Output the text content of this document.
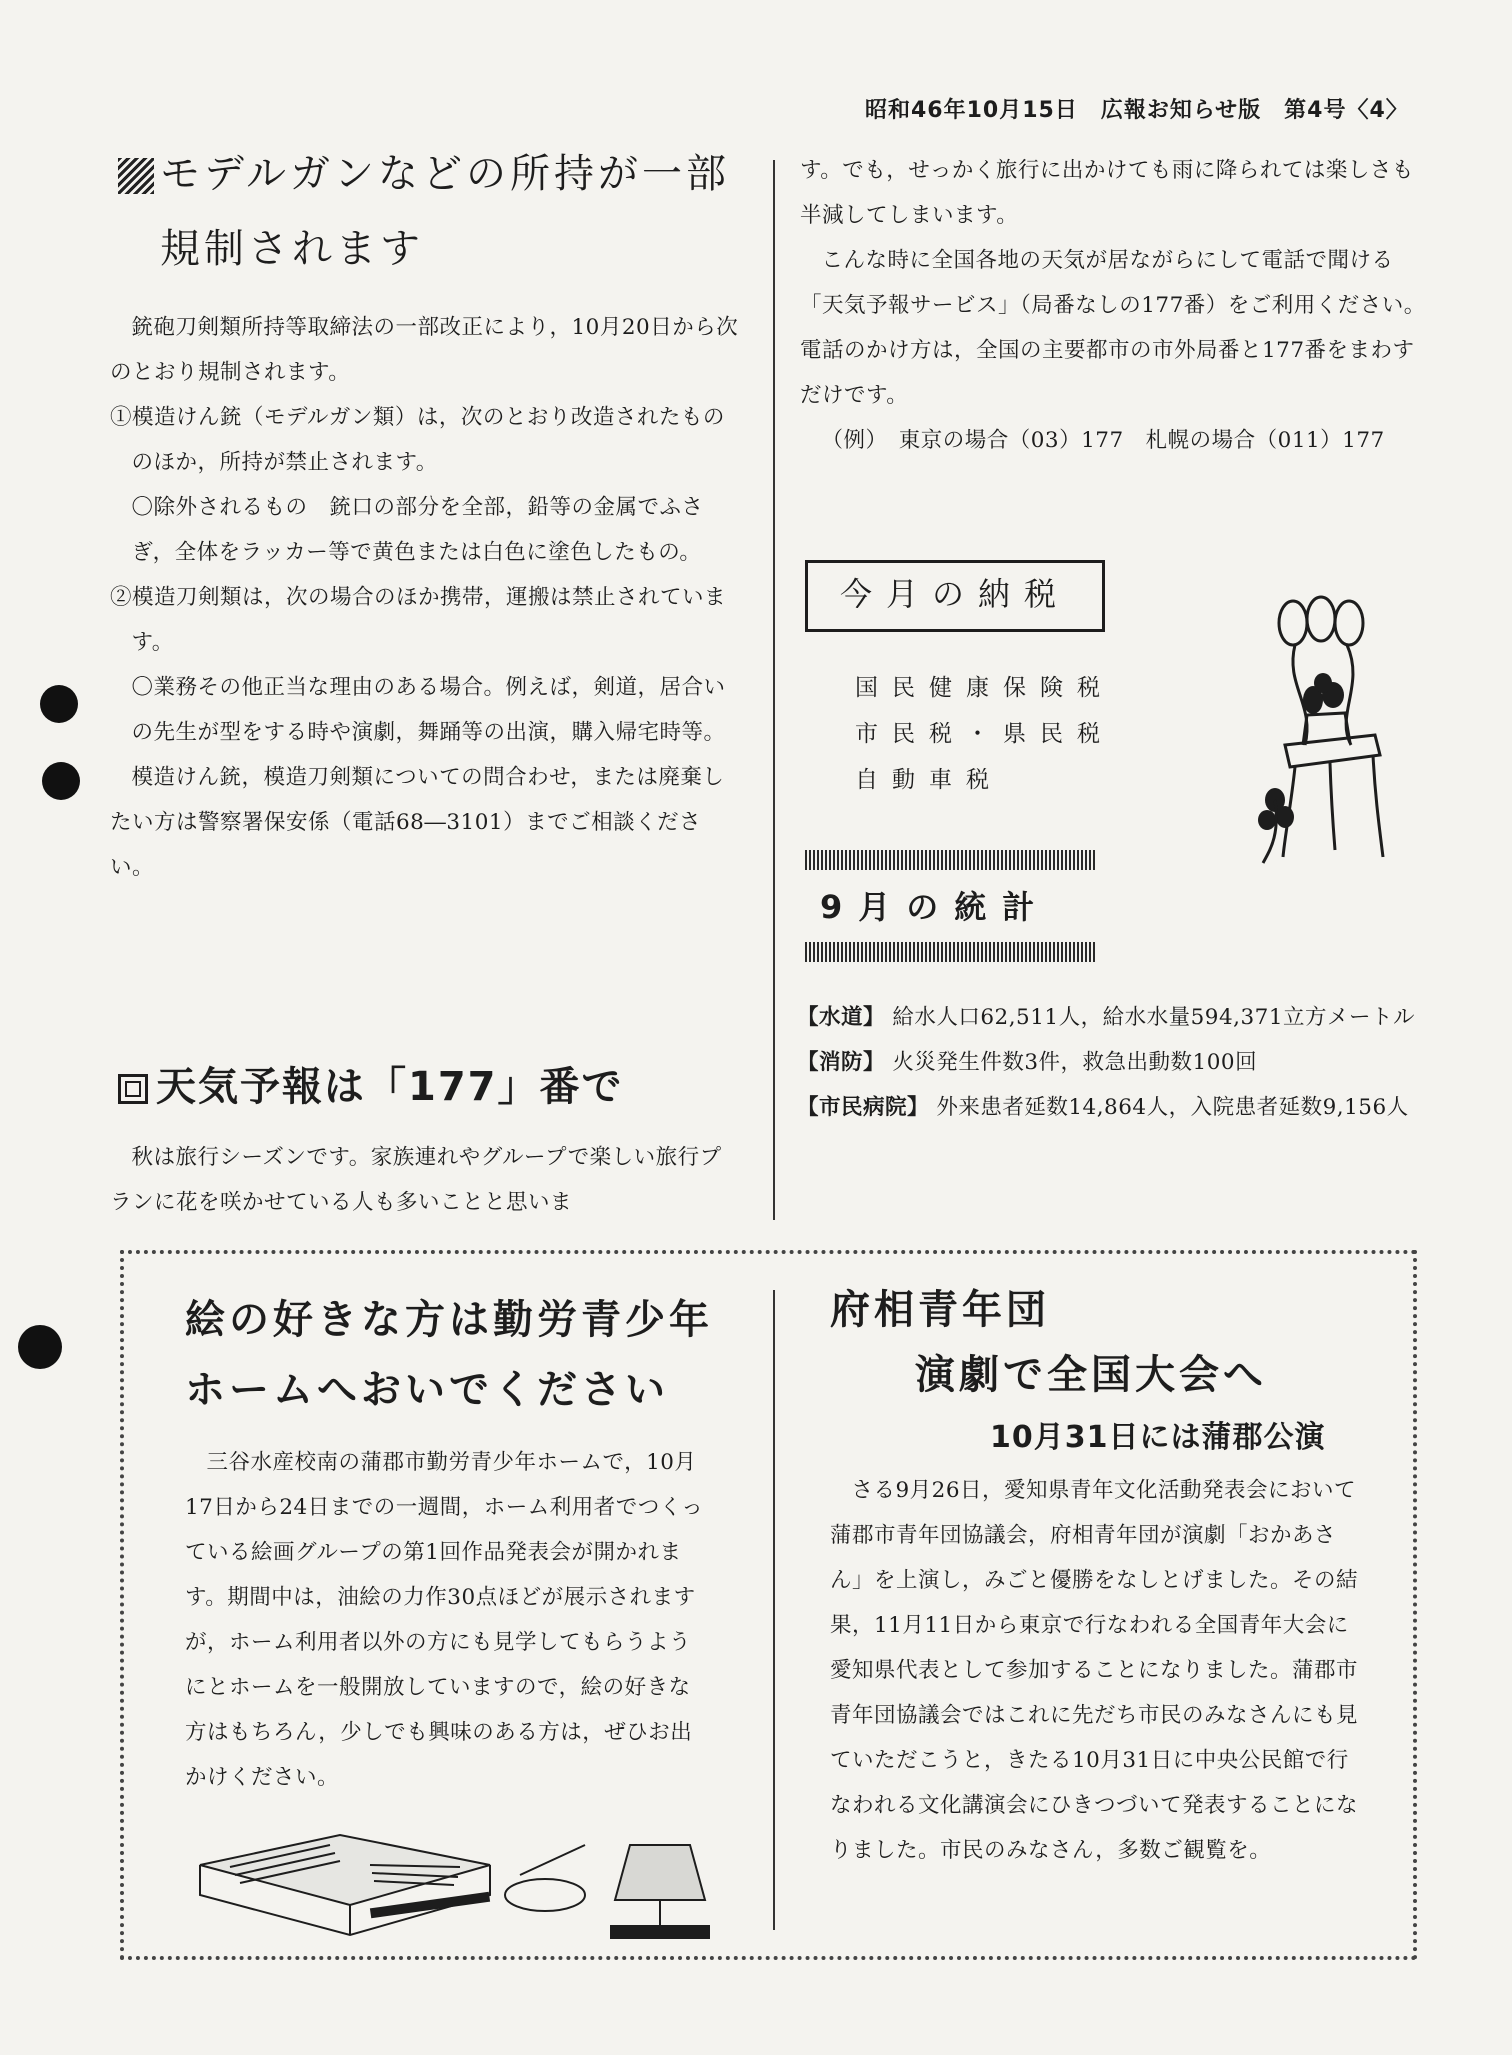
昭和46年10月15日　広報お知らせ版　第4号〈4〉
モデルガンなどの所持が一部
規制されます

銃砲刀剣類所持等取締法の一部改正により，10月20日から次のとおり規制されます。

①模造けん銃（モデルガン類）は，次のとおり改造されたもののほか，所持が禁止されます。

〇除外されるもの　銃口の部分を全部，鉛等の金属でふさぎ，全体をラッカー等で黄色または白色に塗色したもの。

②模造刀剣類は，次の場合のほか携帯，運搬は禁止されています。

〇業務その他正当な理由のある場合。例えば，剣道，居合いの先生が型をする時や演劇，舞踊等の出演，購入帰宅時等。

模造けん銃，模造刀剣類についての問合わせ，または廃棄したい方は警察署保安係（電話68―3101）までご相談ください。

天気予報は「177」番で

秋は旅行シーズンです。家族連れやグループで楽しい旅行プランに花を咲かせている人も多いことと思いま

す。でも，せっかく旅行に出かけても雨に降られては楽しさも半減してしまいます。

こんな時に全国各地の天気が居ながらにして電話で聞ける「天気予報サービス」（局番なしの177番）をご利用ください。電話のかけ方は，全国の主要都市の市外局番と177番をまわすだけです。

（例）　東京の場合（03）177　札幌の場合（011）177

今月の納税
国民健康保険税
市民税・県民税
自動車税
9月の統計

【水道】 給水人口62,511人，給水水量594,371立方メートル

【消防】 火災発生件数3件，救急出動数100回

【市民病院】 外来患者延数14,864人，入院患者延数9,156人

絵の好きな方は勤労青少年
ホームへおいでください

三谷水産校南の蒲郡市勤労青少年ホームで，10月17日から24日までの一週間，ホーム利用者でつくっている絵画グループの第1回作品発表会が開かれます。期間中は，油絵の力作30点ほどが展示されますが，ホーム利用者以外の方にも見学してもらうようにとホームを一般開放していますので，絵の好きな方はもちろん，少しでも興味のある方は，ぜひお出かけください。

府相青年団
演劇で全国大会へ
10月31日には蒲郡公演

さる9月26日，愛知県青年文化活動発表会において蒲郡市青年団協議会，府相青年団が演劇「おかあさん」を上演し，みごと優勝をなしとげました。その結果，11月11日から東京で行なわれる全国青年大会に愛知県代表として参加することになりました。蒲郡市青年団協議会ではこれに先だち市民のみなさんにも見ていただこうと，きたる10月31日に中央公民館で行なわれる文化講演会にひきつづいて発表することになりました。市民のみなさん，多数ご観覧を。
